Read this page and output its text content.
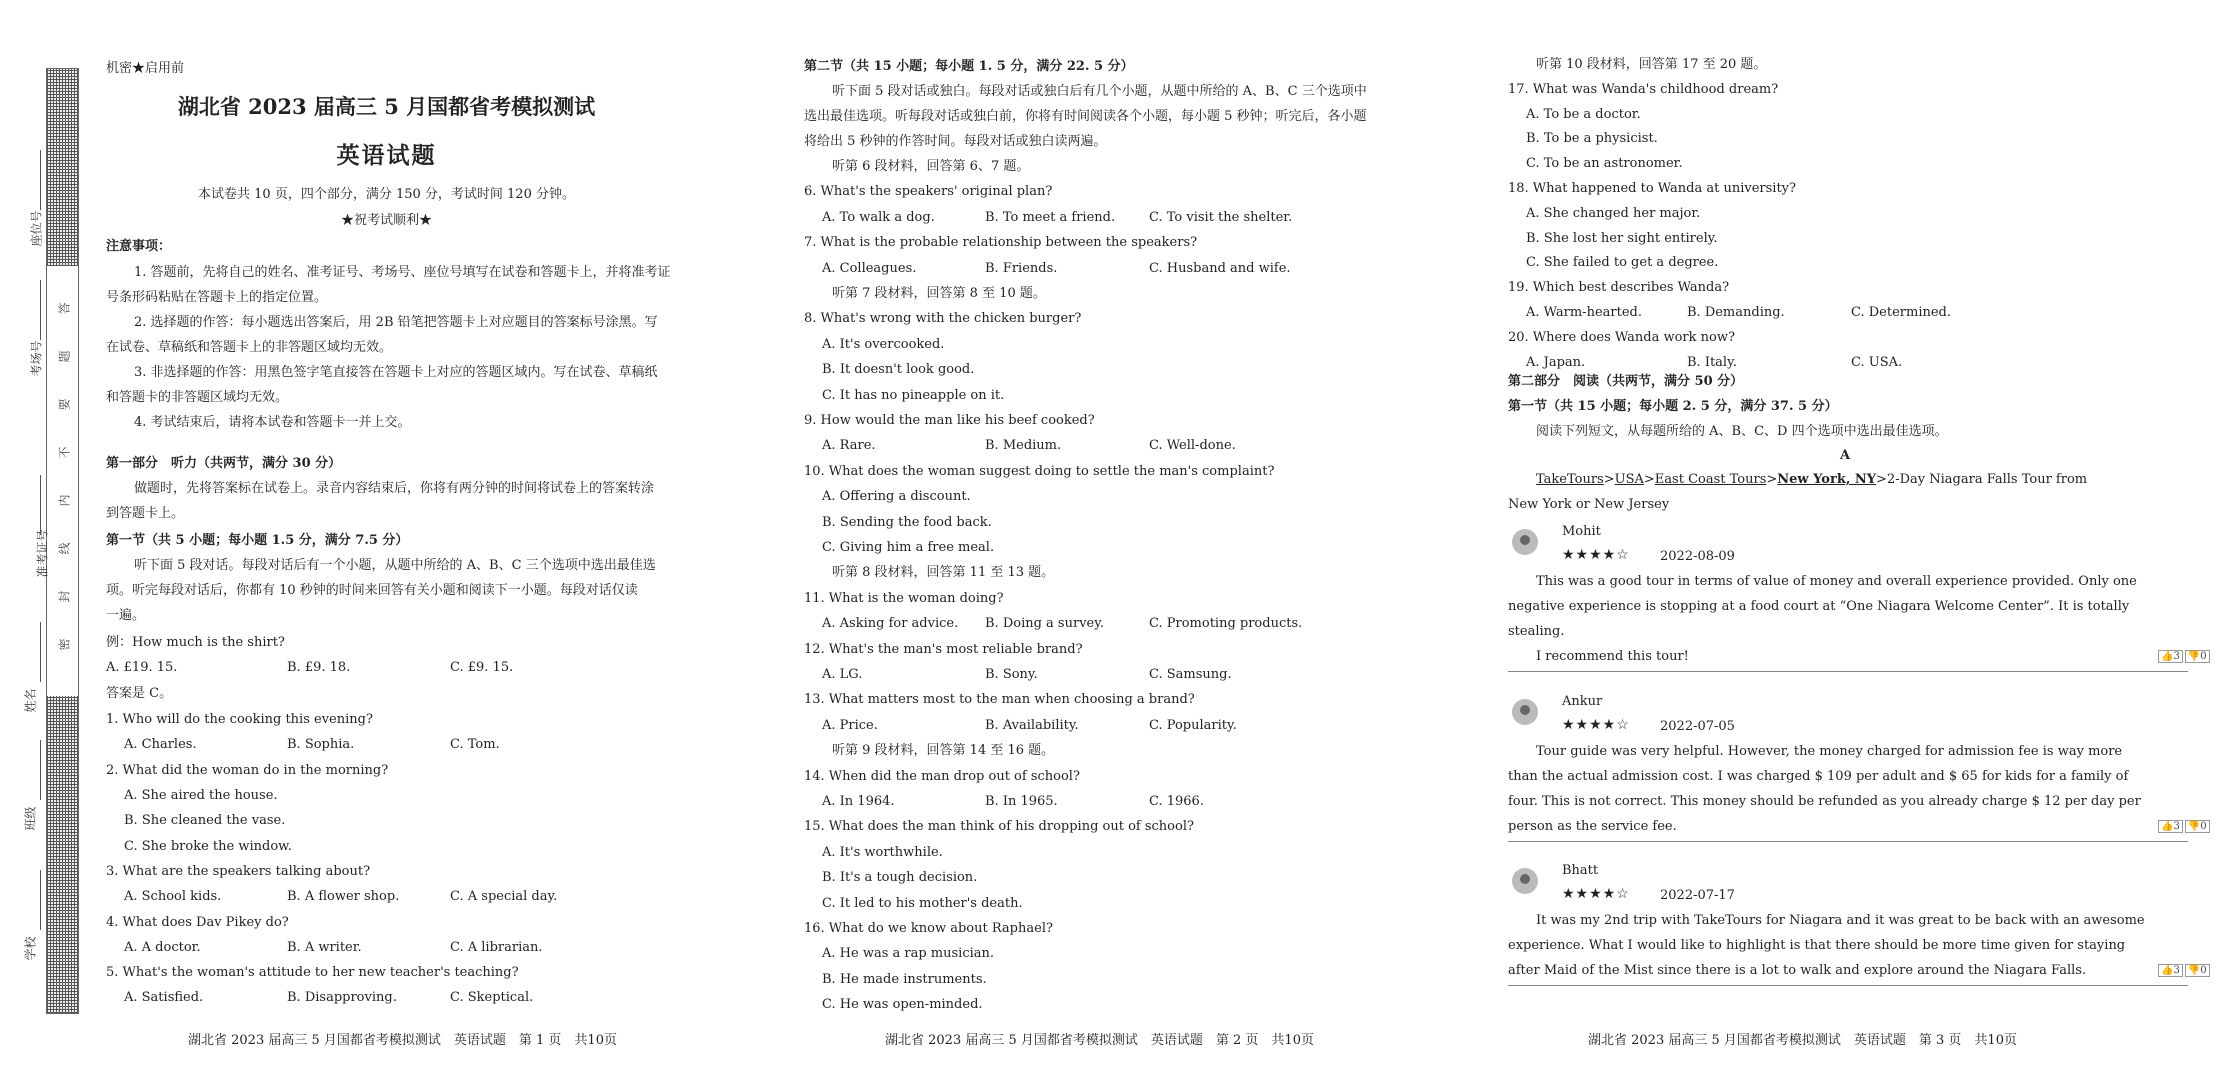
座位号
考场号
准考证号
姓名
班级
学校
答
题
要
不
内
线
封
密
机密★启用前
湖北省 2023 届高三 5 月国都省考模拟测试
英语试题
本试卷共 10 页，四个部分，满分 150 分，考试时间 120 分钟。
★祝考试顺利★
注意事项：
1. 答题前，先将自己的姓名、准考证号、考场号、座位号填写在试卷和答题卡上，并将准考证
号条形码粘贴在答题卡上的指定位置。
2. 选择题的作答：每小题选出答案后，用 2B 铅笔把答题卡上对应题目的答案标号涂黑。写
在试卷、草稿纸和答题卡上的非答题区域均无效。
3. 非选择题的作答：用黑色签字笔直接答在答题卡上对应的答题区域内。写在试卷、草稿纸
和答题卡的非答题区域均无效。
4. 考试结束后，请将本试卷和答题卡一并上交。
第一部分　听力（共两节，满分 30 分）
做题时，先将答案标在试卷上。录音内容结束后，你将有两分钟的时间将试卷上的答案转涂
到答题卡上。
第一节（共 5 小题；每小题 1.5 分，满分 7.5 分）
听下面 5 段对话。每段对话后有一个小题，从题中所给的 A、B、C 三个选项中选出最佳选
项。听完每段对话后，你都有 10 秒钟的时间来回答有关小题和阅读下一小题。每段对话仅读
一遍。
例：How much is the shirt?
A. £19. 15.	B. £9. 18.	C. £9. 15.
答案是 C。
1. Who will do the cooking this evening?
A. Charles.	B. Sophia.	C. Tom.
2. What did the woman do in the morning?
A. She aired the house.
B. She cleaned the vase.
C. She broke the window.
3. What are the speakers talking about?
A. School kids.	B. A flower shop.	C. A special day.
4. What does Dav Pikey do?
A. A doctor.	B. A writer.	C. A librarian.
5. What's the woman's attitude to her new teacher's teaching?
A. Satisfied.	B. Disapproving.	C. Skeptical.
湖北省 2023 届高三 5 月国都省考模拟测试　英语试题　第 1 页　共10页
第二节（共 15 小题；每小题 1. 5 分，满分 22. 5 分）
听下面 5 段对话或独白。每段对话或独白后有几个小题，从题中所给的 A、B、C 三个选项中
选出最佳选项。听每段对话或独白前，你将有时间阅读各个小题，每小题 5 秒钟；听完后，各小题
将给出 5 秒钟的作答时间。每段对话或独白读两遍。
听第 6 段材料，回答第 6、7 题。
6. What's the speakers' original plan?
A. To walk a dog.	B. To meet a friend.	C. To visit the shelter.
7. What is the probable relationship between the speakers?
A. Colleagues.	B. Friends.	C. Husband and wife.
听第 7 段材料，回答第 8 至 10 题。
8. What's wrong with the chicken burger?
A. It's overcooked.
B. It doesn't look good.
C. It has no pineapple on it.
9. How would the man like his beef cooked?
A. Rare.	B. Medium.	C. Well-done.
10. What does the woman suggest doing to settle the man's complaint?
A. Offering a discount.
B. Sending the food back.
C. Giving him a free meal.
听第 8 段材料，回答第 11 至 13 题。
11. What is the woman doing?
A. Asking for advice. B. Doing a survey.	C. Promoting products.
12. What's the man's most reliable brand?
A. LG.	B. Sony.	C. Samsung.
13. What matters most to the man when choosing a brand?
A. Price.	B. Availability.	C. Popularity.
听第 9 段材料，回答第 14 至 16 题。
14. When did the man drop out of school?
A. In 1964.	B. In 1965.	C. 1966.
15. What does the man think of his dropping out of school?
A. It's worthwhile.
B. It's a tough decision.
C. It led to his mother's death.
16. What do we know about Raphael?
A. He was a rap musician.
B. He made instruments.
C. He was open-minded.
湖北省 2023 届高三 5 月国都省考模拟测试　英语试题　第 2 页　共10页
听第 10 段材料，回答第 17 至 20 题。
17. What was Wanda's childhood dream?
A. To be a doctor.
B. To be a physicist.
C. To be an astronomer.
18. What happened to Wanda at university?
A. She changed her major.
B. She lost her sight entirely.
C. She failed to get a degree.
19. Which best describes Wanda?
A. Warm-hearted.	B. Demanding.	C. Determined.
20. Where does Wanda work now?
A. Japan.	B. Italy.	C. USA.
第二部分　阅读（共两节，满分 50 分）
第一节（共 15 小题；每小题 2. 5 分，满分 37. 5 分）
阅读下列短文，从每题所给的 A、B、C、D 四个选项中选出最佳选项。
A
TakeTours>USA>East Coast Tours>New York, NY>2-Day Niagara Falls Tour from
New York or New Jersey
Mohit
★★★★☆ 2022-08-09
This was a good tour in terms of value of money and overall experience provided. Only one
negative experience is stopping at a food court at “One Niagara Welcome Center”. It is totally
stealing.
I recommend this tour!	👍3 👎0
Ankur
★★★★☆ 2022-07-05
Tour guide was very helpful. However, the money charged for admission fee is way more
than the actual admission cost. I was charged $ 109 per adult and $ 65 for kids for a family of
four. This is not correct. This money should be refunded as you already charge $ 12 per day per
person as the service fee.	👍3 👎0
Bhatt
★★★★☆ 2022-07-17
It was my 2nd trip with TakeTours for Niagara and it was great to be back with an awesome
experience. What I would like to highlight is that there should be more time given for staying
after Maid of the Mist since there is a lot to walk and explore around the Niagara Falls.	👍3 👎0
湖北省 2023 届高三 5 月国都省考模拟测试　英语试题　第 3 页　共10页
